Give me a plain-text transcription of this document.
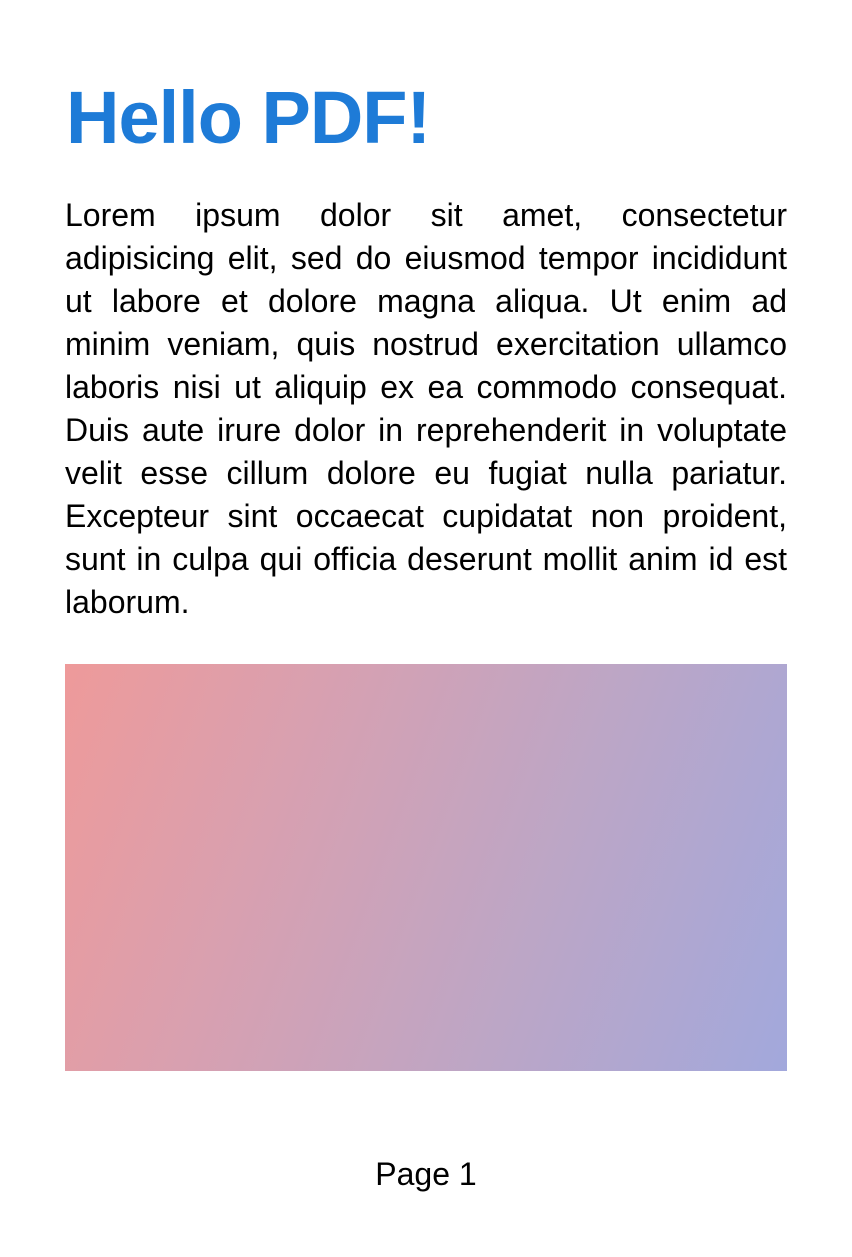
Hello PDF!

Lorem ipsum dolor sit amet, consectetur adipisicing elit, sed do eiusmod tempor incididunt ut labore et dolore magna aliqua. Ut enim ad minim veniam, quis nostrud exercitation ullamco laboris nisi ut aliquip ex ea commodo consequat. Duis aute irure dolor in reprehenderit in voluptate velit esse cillum dolore eu fugiat nulla pariatur. Excepteur sint occaecat cupidatat non proident, sunt in culpa qui officia deserunt mollit anim id est laborum.

Page 1
